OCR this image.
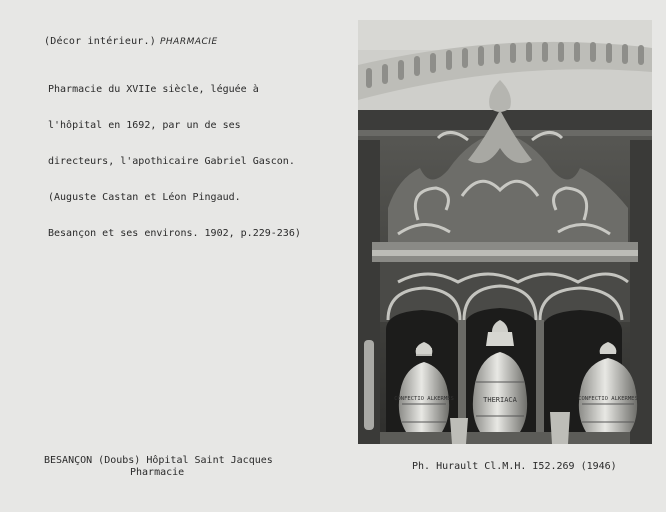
(Décor intérieur.) PHARMACIE

Pharmacie du XVIIe siècle, léguée à

l'hôpital en 1692, par un de ses

directeurs, l'apothicaire Gabriel Gascon.

(Auguste Castan et Léon Pingaud.

Besançon et ses environs. 1902, p.229-236)

CONFECTIO ALKERMES	THERIACA	CONFECTIO ALKERMES
BESANÇON (Doubs) Hôpital Saint Jacques
Pharmacie
Ph. Hurault Cl.M.H. I52.269 (1946)
